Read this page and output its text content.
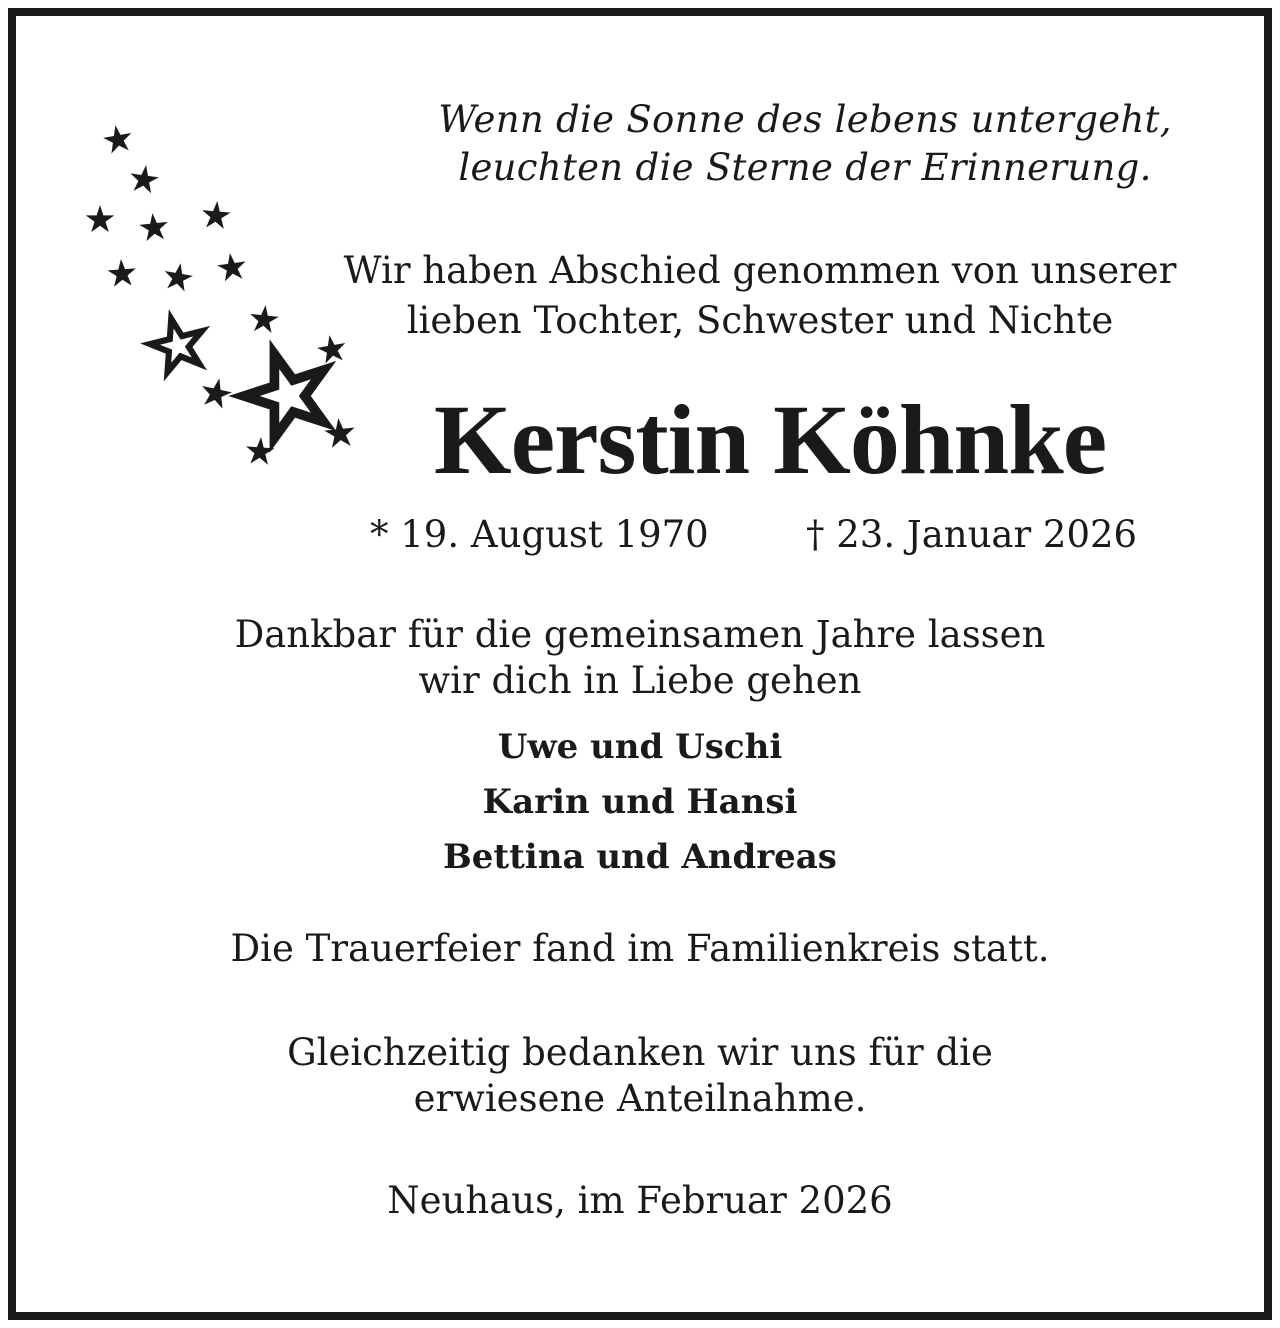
Wenn die Sonne des lebens untergeht,
leuchten die Sterne der Erinnerung.
Wir haben Abschied genommen von unserer
lieben Tochter, Schwester und Nichte
Kerstin Köhnke
* 19. August 1970	† 23. Januar 2026
Dankbar für die gemeinsamen Jahre lassen
wir dich in Liebe gehen
Uwe und Uschi
Karin und Hansi
Bettina und Andreas
Die Trauerfeier fand im Familienkreis statt.
Gleichzeitig bedanken wir uns für die
erwiesene Anteilnahme.
Neuhaus, im Februar 2026
